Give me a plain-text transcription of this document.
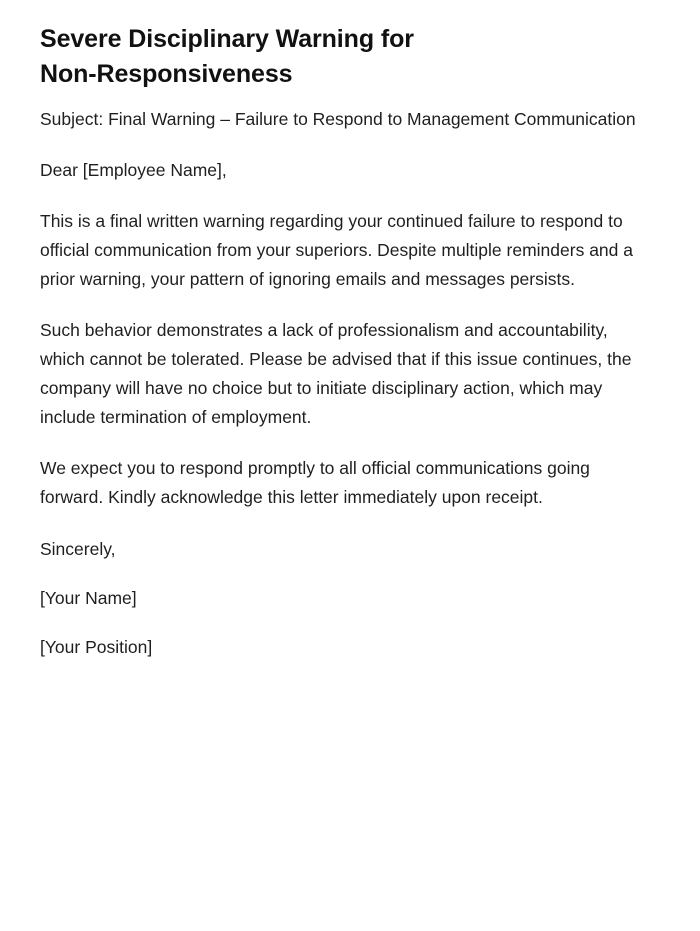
Severe Disciplinary Warning for Non-Responsiveness

Subject: Final Warning – Failure to Respond to Management Communication

Dear [Employee Name],

This is a final written warning regarding your continued failure to respond to official communication from your superiors. Despite multiple reminders and a prior warning, your pattern of ignoring emails and messages persists.

Such behavior demonstrates a lack of professionalism and accountability, which cannot be tolerated. Please be advised that if this issue continues, the company will have no choice but to initiate disciplinary action, which may include termination of employment.

We expect you to respond promptly to all official communications going forward. Kindly acknowledge this letter immediately upon receipt.

Sincerely,

[Your Name]

[Your Position]
